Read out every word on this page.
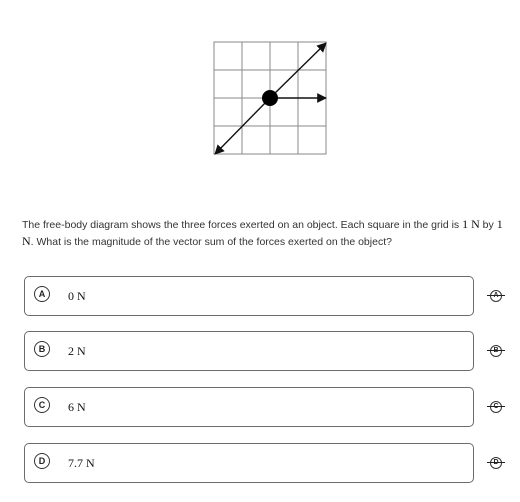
The free-body diagram shows the three forces exerted on an object. Each square in the grid is 1 N by 1 N. What is the magnitude of the vector sum of the forces exerted on the object?
A	0 N
B	2 N
C	6 N
D	7.7 N
